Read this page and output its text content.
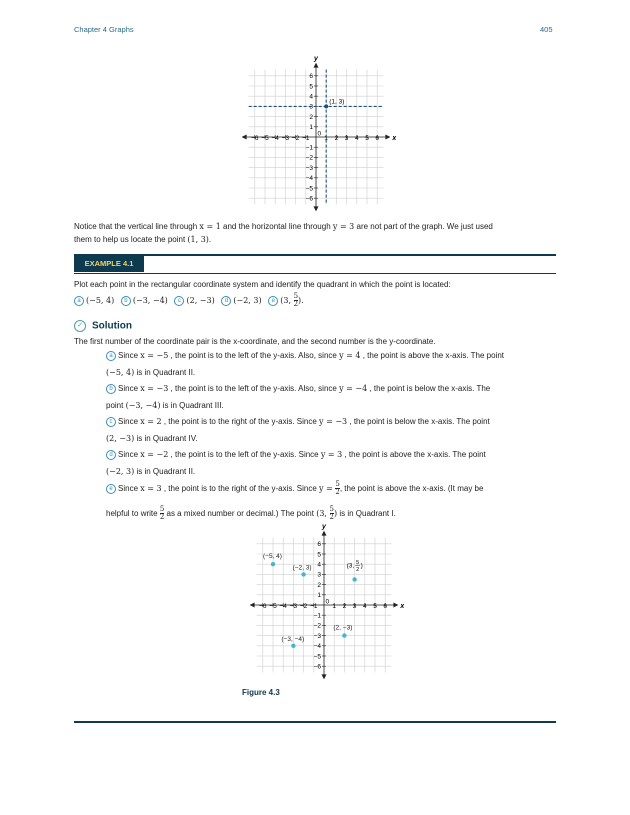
Chapter 4 Graphs	405
x
y
−6 −5 −4 −3 −2 −1 1 2 3 4 5 6
6
5
4
3
2
1
−1
−2
−3
−4
−5
−6
0
(1, 3)
Notice that the vertical line through x = 1 and the horizontal line through y = 3 are not part of the graph. We just used
them to help us locate the point (1, 3).
EXAMPLE 4.1
Plot each point in the rectangular coordinate system and identify the quadrant in which the point is located:
a (−5, 4) b (−3, −4) c (2, −3) d (−2, 3) e (3, $\frac{5}{2}$ ).
✓ Solution
The first number of the coordinate pair is the x-coordinate, and the second number is the y-coordinate.
a Since x = −5 , the point is to the left of the y-axis. Also, since y = 4 , the point is above the x-axis. The point
(−5, 4) is in Quadrant II.
b Since x = −3 , the point is to the left of the y-axis. Also, since y = −4 , the point is below the x-axis. The
point (−3, −4) is in Quadrant III.
c Since x = 2 , the point is to the right of the y-axis. Since y = −3 , the point is below the x-axis. The point
(2, −3) is in Quadrant IV.
d Since x = −2 , the point is to the left of the y-axis. Since y = 3 , the point is above the x-axis. The point
(−2, 3) is in Quadrant II.
e Since x = 3 , the point is to the right of the y-axis. Since $y = \frac{5}{2}$ , the point is above the x-axis. (It may be
helpful to write $\frac{5}{2}$ as a mixed number or decimal.) The point (3, $\frac{5}{2}$ ) is in Quadrant I.
x
y
−6 −5 −4 −3 −2 −1 1 2 3 4 5 6
6
5
4
3
2
1
−1
−2
−3
−4
−5
−6
0
(−5, 4)
(−2, 3)
(−3, −4)
(2, −3)
(3, 5
2
)
Figure 4.3
